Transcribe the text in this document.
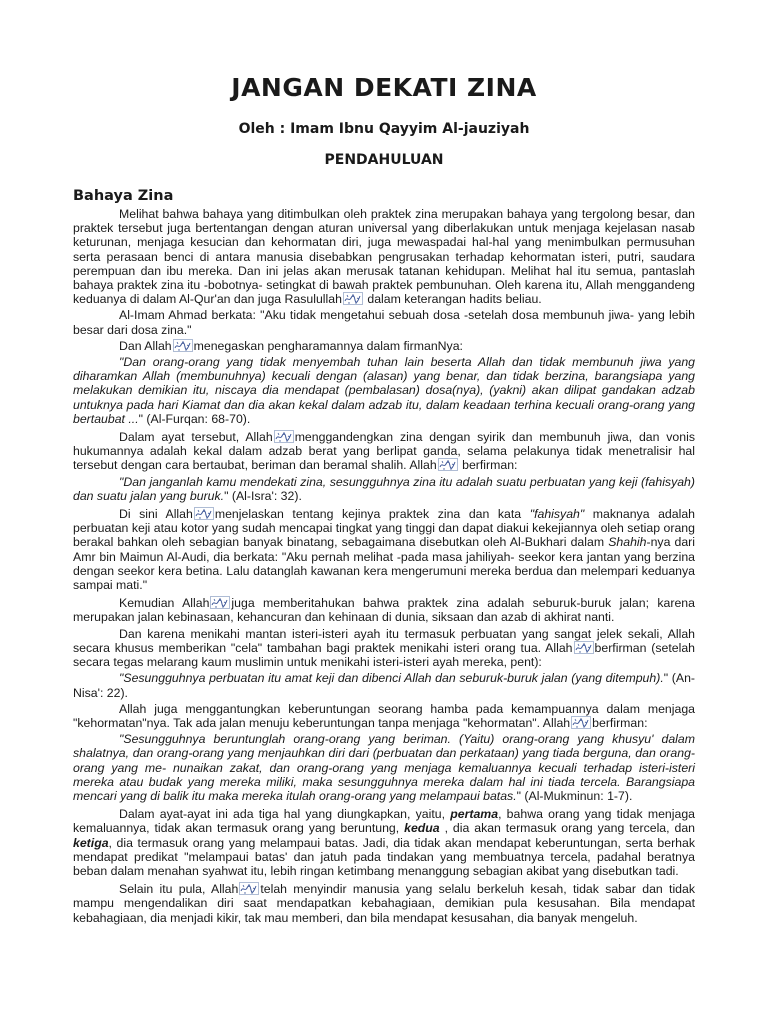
JANGAN DEKATI ZINA
Oleh : Imam Ibnu Qayyim Al-jauziyah
PENDAHULUAN
Bahaya Zina

Melihat bahwa bahaya yang ditimbulkan oleh praktek zina merupakan bahaya yang tergolong besar, dan praktek tersebut juga bertentangan dengan aturan universal yang diberlakukan untuk menjaga kejelasan nasab keturunan, menjaga kesucian dan kehormatan diri, juga mewaspadai hal-hal yang menimbulkan permusuhan serta perasaan benci di antara manusia disebabkan pengrusakan terhadap kehormatan isteri, putri, saudara perempuan dan ibu mereka. Dan ini jelas akan merusak tatanan kehidupan. Melihat hal itu semua, pantaslah bahaya praktek zina itu -bobotnya- setingkat di bawah praktek pembunuhan. Oleh karena itu, Allah menggandeng keduanya di dalam Al-Qur'an dan juga Rasulullah
dalam keterangan hadits beliau.

Al-Imam Ahmad berkata: "Aku tidak mengetahui sebuah dosa -setelah dosa membunuh jiwa- yang lebih besar dari dosa zina."

Dan Allah menegaskan pengharamannya dalam firmanNya:

"Dan orang-orang yang tidak menyembah tuhan lain beserta Allah dan tidak membunuh jiwa yang diharamkan Allah (membunuhnya) kecuali dengan (alasan) yang benar, dan tidak berzina, barangsiapa yang melakukan demikian itu, niscaya dia mendapat (pembalasan) dosa(nya), (yakni) akan dilipat gandakan adzab untuknya pada hari Kiamat dan dia akan kekal dalam adzab itu, dalam keadaan terhina kecuali orang-orang yang bertaubat ..." (Al-Furqan: 68-70).

Dalam ayat tersebut, Allah menggandengkan zina dengan syirik dan membunuh jiwa, dan vonis hukumannya adalah kekal dalam adzab berat yang berlipat ganda, selama pelakunya tidak menetralisir hal tersebut dengan cara bertaubat, beriman dan beramal shalih. Allah
berfirman:

"Dan janganlah kamu mendekati zina, sesungguhnya zina itu adalah suatu perbuatan yang keji (fahisyah) dan suatu jalan yang buruk." (Al-Isra': 32).

Di sini Allah menjelaskan tentang kejinya praktek zina dan kata "fahisyah" maknanya adalah perbuatan keji atau kotor yang sudah mencapai tingkat yang tinggi dan dapat diakui kekejiannya oleh setiap orang berakal bahkan oleh sebagian banyak binatang, sebagaimana disebutkan oleh Al-Bukhari dalam Shahih-nya dari Amr bin Maimun Al-Audi, dia berkata: "Aku pernah melihat -pada masa jahiliyah- seekor kera jantan yang berzina dengan seekor kera betina. Lalu datanglah kawanan kera mengerumuni mereka berdua dan melempari keduanya sampai mati."

Kemudian Allah juga memberitahukan bahwa praktek zina adalah seburuk-buruk jalan; karena merupakan jalan kebinasaan, kehancuran dan kehinaan di dunia, siksaan dan azab di akhirat nanti.

Dan karena menikahi mantan isteri-isteri ayah itu termasuk perbuatan yang sangat jelek sekali, Allah secara khusus memberikan "cela" tambahan bagi praktek menikahi isteri orang tua. Allah berfirman (setelah secara tegas melarang kaum muslimin untuk menikahi isteri-isteri ayah mereka, pent):

"Sesungguhnya perbuatan itu amat keji dan dibenci Allah dan seburuk-buruk jalan (yang ditempuh)." (An-Nisa': 22).

Allah juga menggantungkan keberuntungan seorang hamba pada kemampuannya dalam menjaga "kehormatan"nya. Tak ada jalan menuju keberuntungan tanpa menjaga "kehormatan". Allah berfirman:

"Sesungguhnya beruntunglah orang-orang yang beriman. (Yaitu) orang-orang yang khusyu' dalam shalatnya, dan orang-orang yang menjauhkan diri dari (perbuatan dan perkataan) yang tiada berguna, dan orang-orang yang me- nunaikan zakat, dan orang-orang yang menjaga kemaluannya kecuali terhadap isteri-isteri mereka atau budak yang mereka miliki, maka sesungguhnya mereka dalam hal ini tiada tercela. Barangsiapa mencari yang di balik itu maka mereka itulah orang-orang yang melampaui batas." (Al-Mukminun: 1-7).

Dalam ayat-ayat ini ada tiga hal yang diungkapkan, yaitu, pertama, bahwa orang yang tidak menjaga kemaluannya, tidak akan termasuk orang yang beruntung, kedua , dia akan termasuk orang yang tercela, dan ketiga, dia termasuk orang yang melampaui batas. Jadi, dia tidak akan mendapat keberuntungan, serta berhak mendapat predikat "melampaui batas' dan jatuh pada tindakan yang membuatnya tercela, padahal beratnya beban dalam menahan syahwat itu, lebih ringan ketimbang menanggung sebagian akibat yang disebutkan tadi.

Selain itu pula, Allah telah menyindir manusia yang selalu berkeluh kesah, tidak sabar dan tidak mampu mengendalikan diri saat mendapatkan kebahagiaan, demikian pula kesusahan. Bila mendapat kebahagiaan, dia menjadi kikir, tak mau memberi, dan bila mendapat kesusahan, dia banyak mengeluh.
